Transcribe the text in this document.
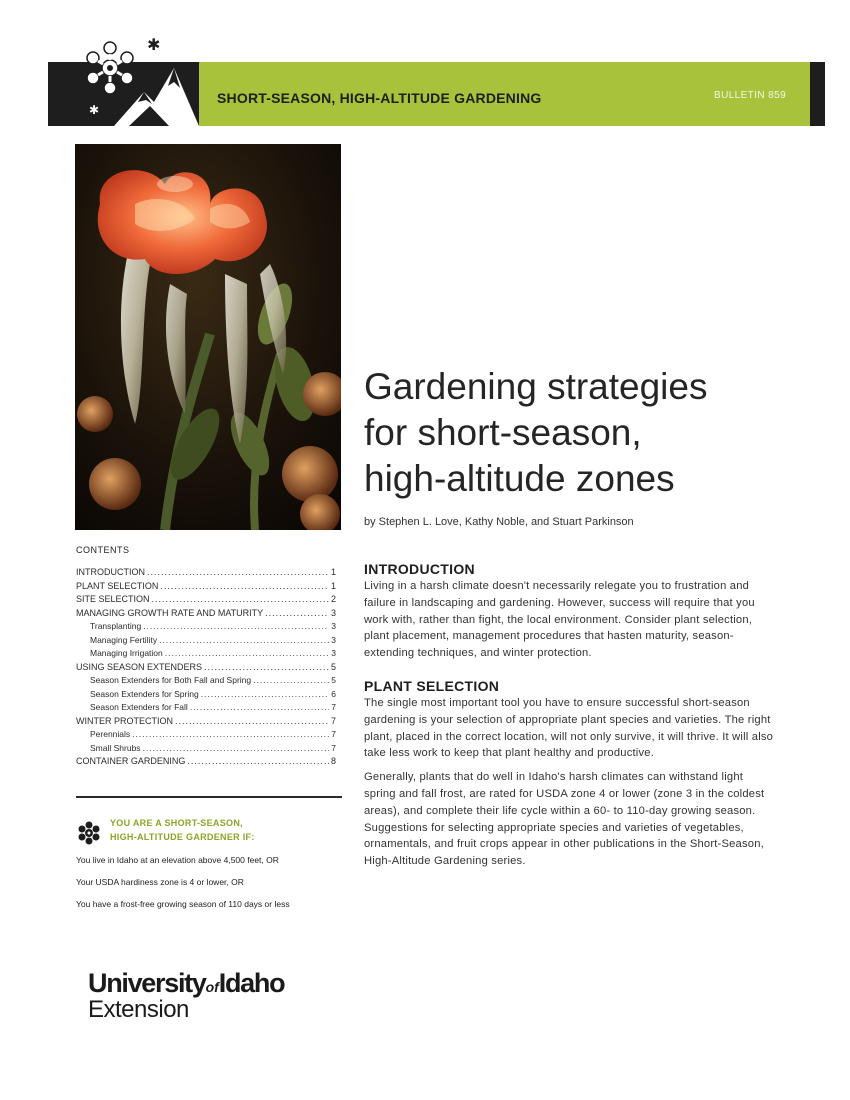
✱
✱
SHORT-SEASON, HIGH-ALTITUDE GARDENING	BULLETIN 859
Gardening strategies
for short-season,
high-altitude zones
by Stephen L. Love, Kathy Noble, and Stuart Parkinson
CONTENTS
INTRODUCTION .....	1
PLANT SELECTION .....	1
SITE SELECTION .....	2
MANAGING GROWTH RATE AND MATURITY .....	3
Transplanting .....	3
Managing Fertility .....	3
Managing Irrigation .....	3
USING SEASON EXTENDERS .....	5
Season Extenders for Both Fall and Spring .....	5
Season Extenders for Spring .....	6
Season Extenders for Fall .....	7
WINTER PROTECTION .....	7
Perennials .....	7
Small Shrubs .....	7
CONTAINER GARDENING .....	8
YOU ARE A SHORT-SEASON,
HIGH-ALTITUDE GARDENER IF:
You live in Idaho at an elevation above 4,500 feet, OR
Your USDA hardiness zone is 4 or lower, OR
You have a frost-free growing season of 110 days or less
UniversityofIdaho
Extension
INTRODUCTION

Living in a harsh climate doesn't necessarily relegate you to frustration and failure in landscaping and gardening. However, success will require that you work with, rather than fight, the local environment. Consider plant selection, plant placement, management procedures that hasten maturity, season-extending techniques, and winter protection.

PLANT SELECTION

The single most important tool you have to ensure successful short-season gardening is your selection of appropriate plant species and varieties. The right plant, placed in the correct location, will not only survive, it will thrive. It will also take less work to keep that plant healthy and productive.

Generally, plants that do well in Idaho's harsh climates can withstand light spring and fall frost, are rated for USDA zone 4 or lower (zone 3 in the coldest areas), and complete their life cycle within a 60- to 110-day growing season. Suggestions for selecting appropriate species and varieties of vegetables, ornamentals, and fruit crops appear in other publications in the Short-Season, High-Altitude Gardening series.
